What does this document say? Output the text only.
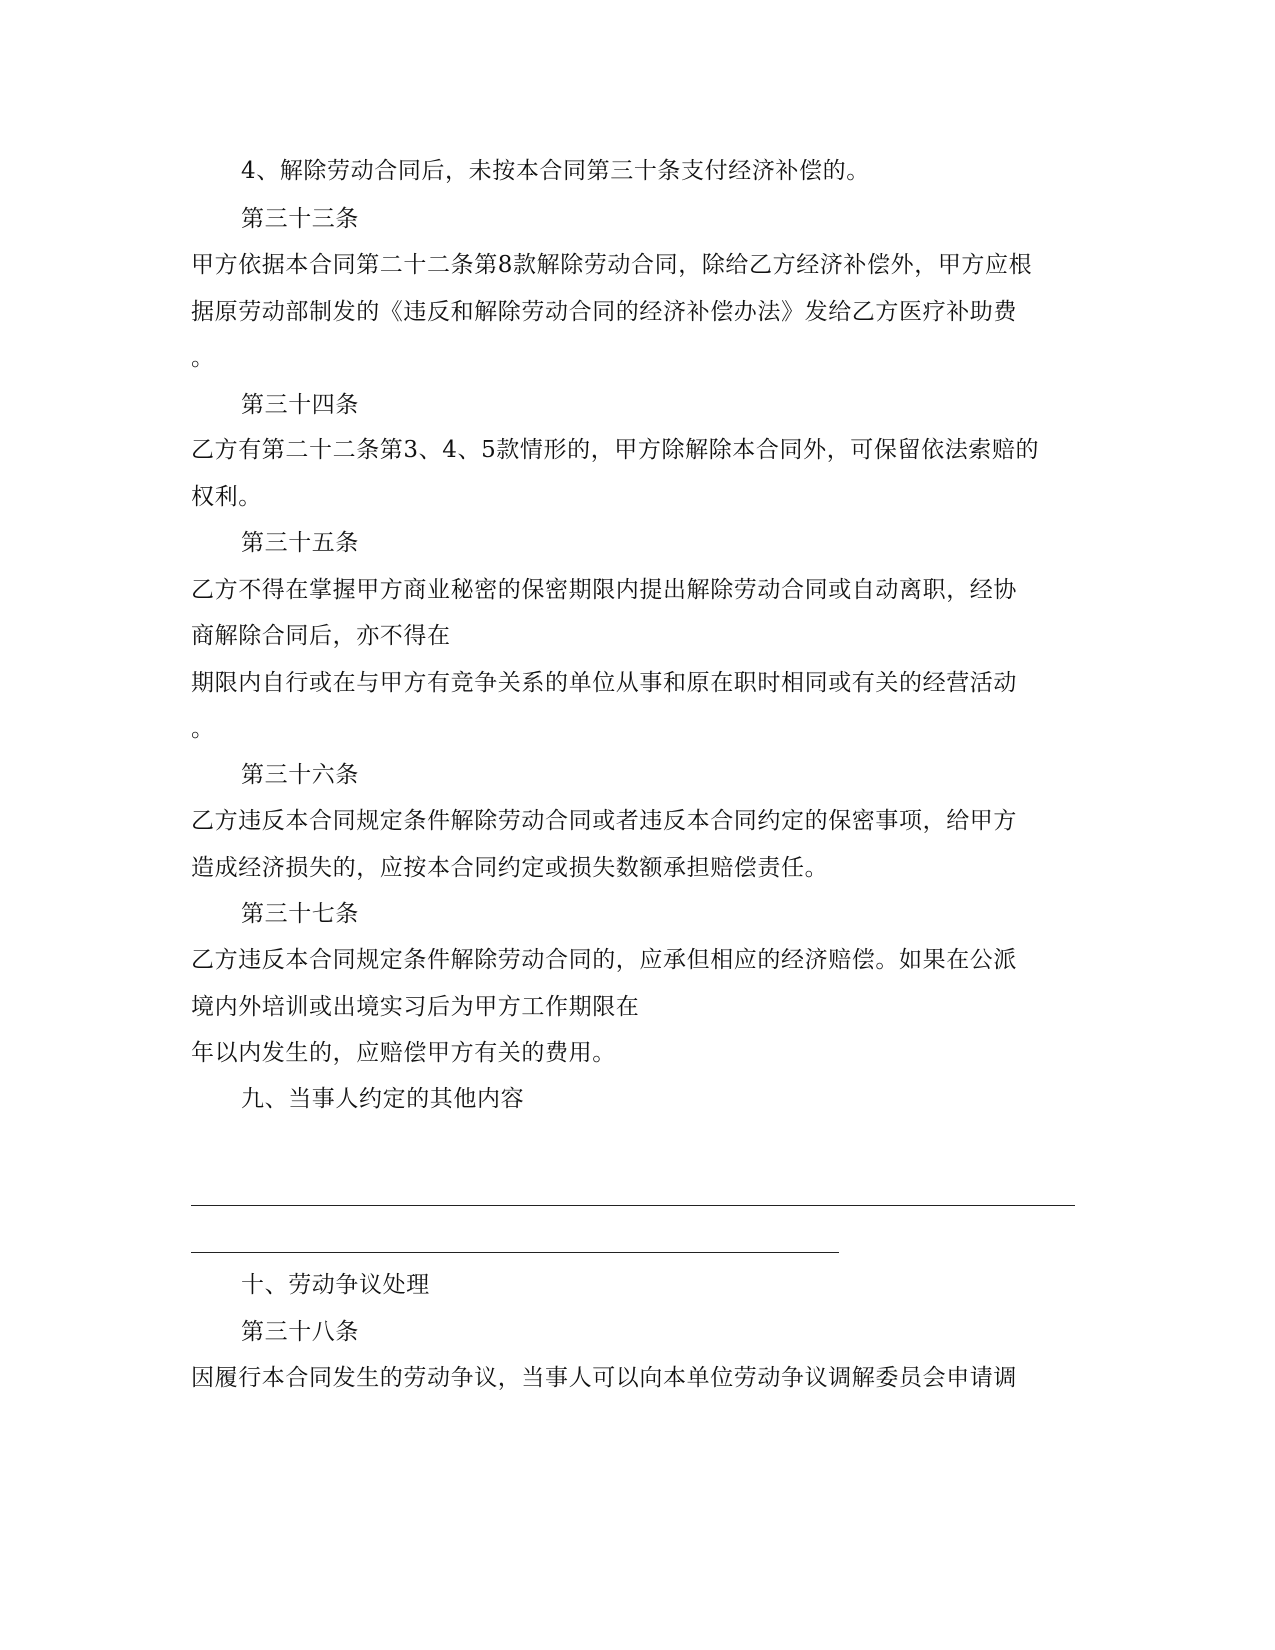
4、解除劳动合同后，未按本合同第三十条支付经济补偿的。
第三十三条
甲方依据本合同第二十二条第8款解除劳动合同，除给乙方经济补偿外，甲方应根
据原劳动部制发的《违反和解除劳动合同的经济补偿办法》发给乙方医疗补助费
。
第三十四条
乙方有第二十二条第3、4、5款情形的，甲方除解除本合同外，可保留依法索赔的
权利。
第三十五条
乙方不得在掌握甲方商业秘密的保密期限内提出解除劳动合同或自动离职，经协
商解除合同后，亦不得在
期限内自行或在与甲方有竞争关系的单位从事和原在职时相同或有关的经营活动
。
第三十六条
乙方违反本合同规定条件解除劳动合同或者违反本合同约定的保密事项，给甲方
造成经济损失的，应按本合同约定或损失数额承担赔偿责任。
第三十七条
乙方违反本合同规定条件解除劳动合同的，应承但相应的经济赔偿。如果在公派
境内外培训或出境实习后为甲方工作期限在
年以内发生的，应赔偿甲方有关的费用。
九、当事人约定的其他内容
十、劳动争议处理
第三十八条
因履行本合同发生的劳动争议，当事人可以向本单位劳动争议调解委员会申请调
